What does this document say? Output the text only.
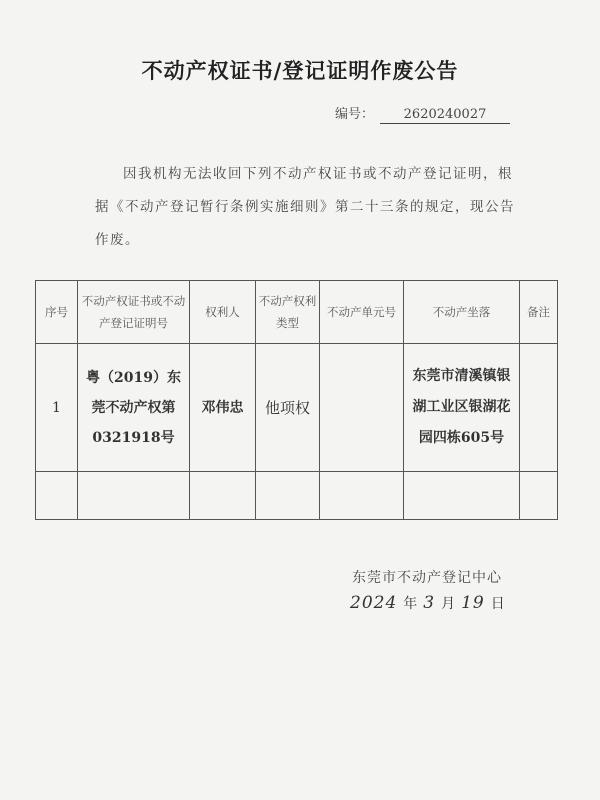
不动产权证书/登记证明作废公告
编号： 2620240027
因我机构无法收回下列不动产权证书或不动产登记证明，根据《不动产登记暂行条例实施细则》第二十三条的规定，现公告作废。
序号	不动产权证书或不动产登记证明号	权利人	不动产权利类型	不动产单元号	不动产坐落	备注
1	粤（2019）东莞不动产权第0321918号	邓伟忠	他项权		东莞市清溪镇银湖工业区银湖花园四栋605号	

东莞市不动产登记中心
2024 年 3 月 19 日
